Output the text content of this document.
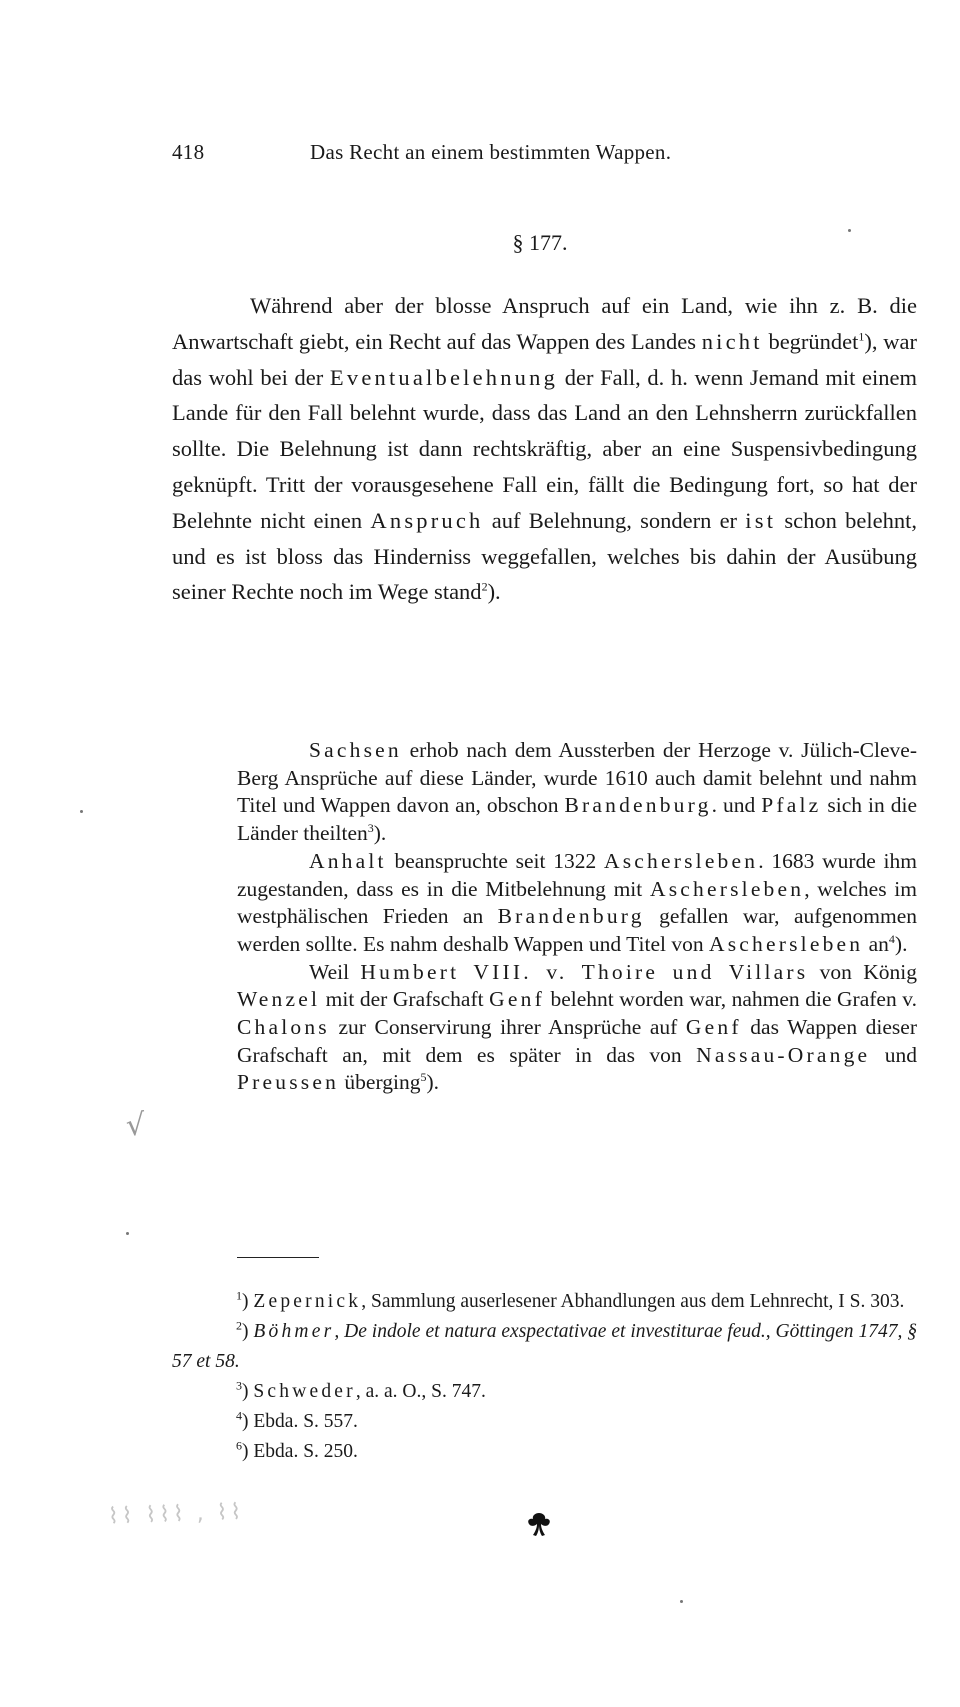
418	Das Recht an einem bestimmten Wappen.
§ 177.

Während aber der blosse Anspruch auf ein Land, wie ihn z. B. die Anwartschaft giebt, ein Recht auf das Wappen des Landes nicht begründet$^1$), war das wohl bei der Eventualbelehnung der Fall, d. h. wenn Jemand mit einem Lande für den Fall belehnt wurde, dass das Land an den Lehnsherrn zurückfallen sollte. Die Belehnung ist dann rechtskräftig, aber an eine Suspensivbedingung geknüpft. Tritt der vorausgesehene Fall ein, fällt die Bedingung fort, so hat der Belehnte nicht einen Anspruch auf Belehnung, sondern er ist schon belehnt, und es ist bloss das Hinderniss weggefallen, welches bis dahin der Ausübung seiner Rechte noch im Wege stand$^2$).

Sachsen erhob nach dem Aussterben der Herzoge v. Jülich-Cleve-Berg Ansprüche auf diese Länder, wurde 1610 auch damit belehnt und nahm Titel und Wappen davon an, obschon Brandenburg. und Pfalz sich in die Länder theilten$^3$).

Anhalt beanspruchte seit 1322 Aschersleben. 1683 wurde ihm zugestanden, dass es in die Mitbelehnung mit Aschersleben, welches im westphälischen Frieden an Brandenburg gefallen war, aufgenommen werden sollte. Es nahm deshalb Wappen und Titel von Aschersleben $an^4$).

Weil Humbert VIII. v. Thoire und Villars von König Wenzel mit der Grafschaft Genf belehnt worden war, nahmen die Grafen v. Chalons zur Conservirung ihrer Ansprüche auf Genf das Wappen dieser Grafschaft an, mit dem es später in das von Nassau-Orange und Preussen überging$^5$).

$^1$) Zepernick, Sammlung auserlesener Abhandlungen aus dem Lehnrecht, I S. 303.

$^2$) Böhmer, De indole et natura exspectativae et investiturae feud., Göttingen 1747, § 57 et 58.

$^3$) Schweder, a. a. O., S. 747.

$^4$) Ebda. S. 557.

$^6$) Ebda. S. 250.

√
⌇⌇ ⌇⌇⌇ , ⌇⌇
